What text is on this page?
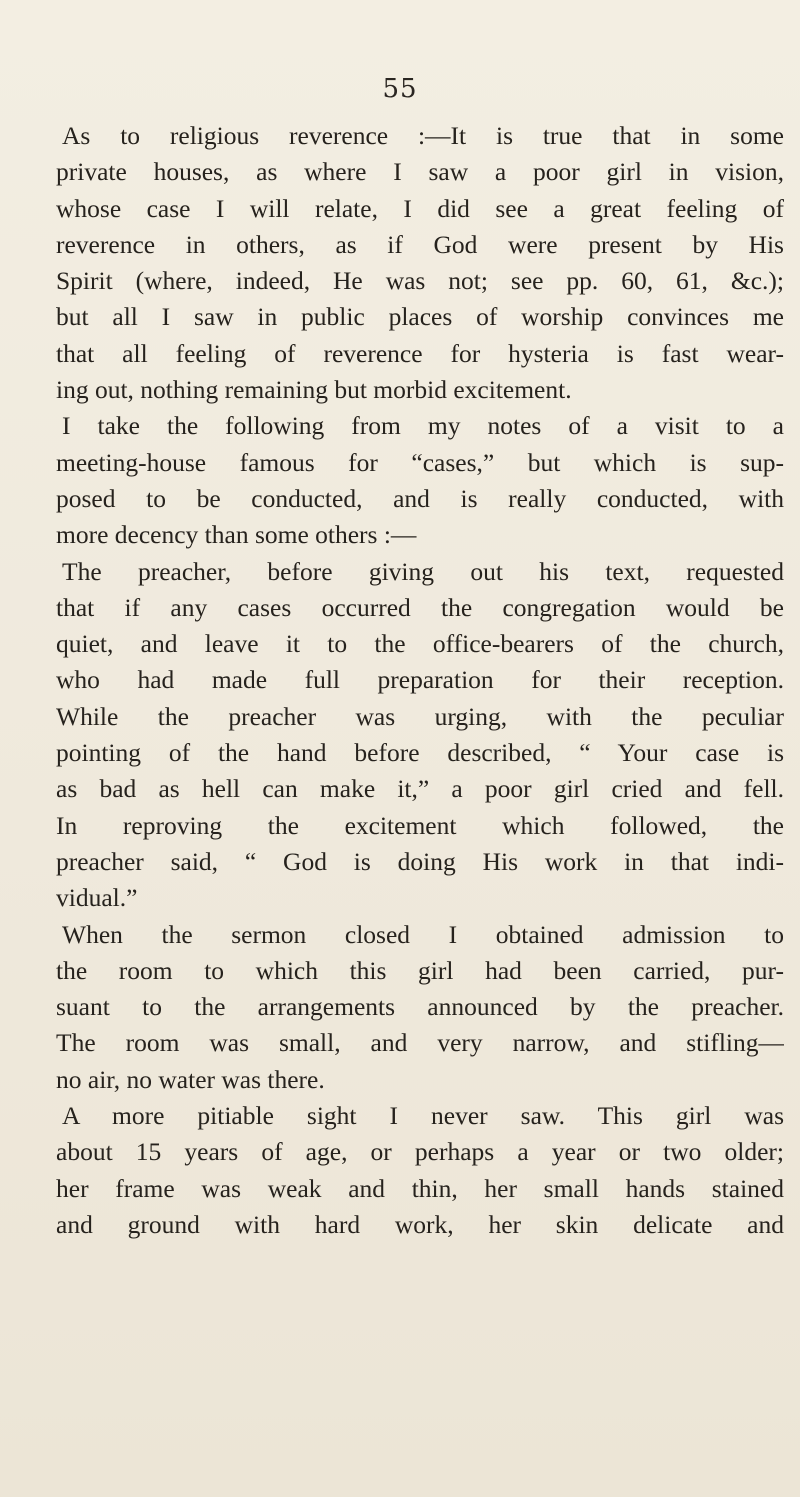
55
As to religious reverence :—It is true that in some
private houses, as where I saw a poor girl in vision,
whose case I will relate, I did see a great feeling of
reverence in others, as if God were present by His
Spirit (where, indeed, He was not; see pp. 60, 61, &c.);
but all I saw in public places of worship convinces me
that all feeling of reverence for hysteria is fast wear-
ing out, nothing remaining but morbid excitement.
I take the following from my notes of a visit to a
meeting-house famous for “cases,” but which is sup-
posed to be conducted, and is really conducted, with
more decency than some others :—
The preacher, before giving out his text, requested
that if any cases occurred the congregation would be
quiet, and leave it to the office-bearers of the church,
who had made full preparation for their reception.
While the preacher was urging, with the peculiar
pointing of the hand before described, “ Your case is
as bad as hell can make it,” a poor girl cried and fell.
In reproving the excitement which followed, the
preacher said, “ God is doing His work in that indi-
vidual.”
When the sermon closed I obtained admission to
the room to which this girl had been carried, pur-
suant to the arrangements announced by the preacher.
The room was small, and very narrow, and stifling—
no air, no water was there.
A more pitiable sight I never saw. This girl was
about 15 years of age, or perhaps a year or two older;
her frame was weak and thin, her small hands stained
and ground with hard work, her skin delicate and
